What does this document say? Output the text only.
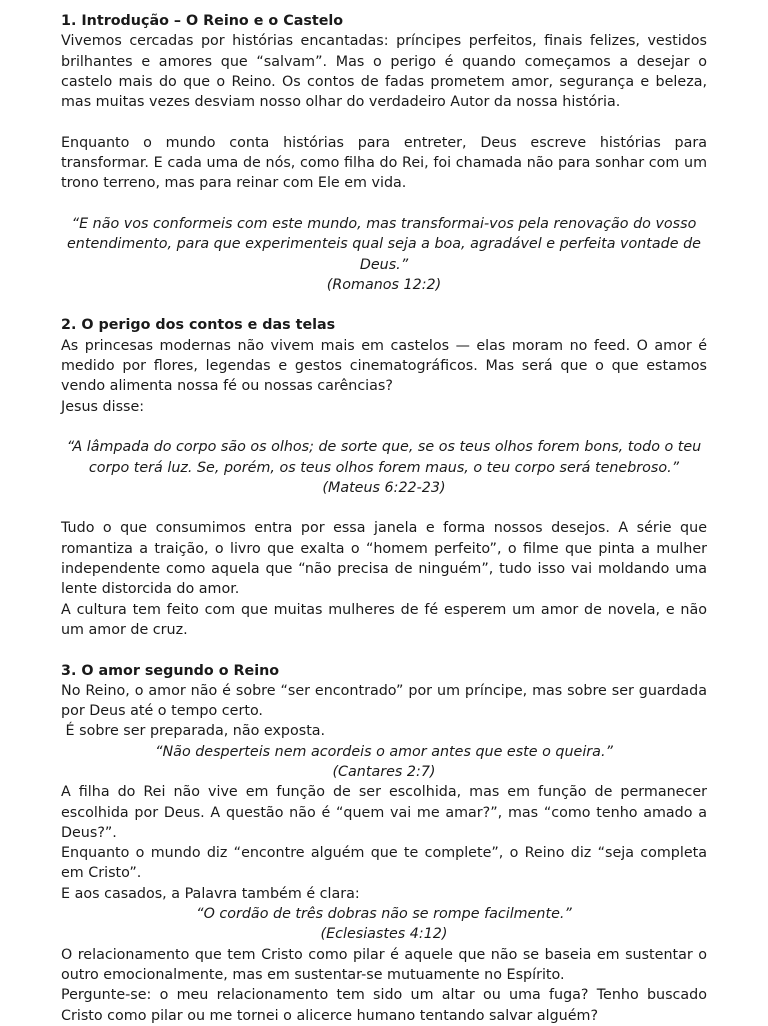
1. Introdução – O Reino e o Castelo

Vivemos cercadas por histórias encantadas: príncipes perfeitos, finais felizes, vestidos brilhantes e amores que “salvam”. Mas o perigo é quando começamos a desejar o castelo mais do que o Reino. Os contos de fadas prometem amor, segurança e beleza, mas muitas vezes desviam nosso olhar do verdadeiro Autor da nossa história.

Enquanto o mundo conta histórias para entreter, Deus escreve histórias para transformar. E cada uma de nós, como filha do Rei, foi chamada não para sonhar com um trono terreno, mas para reinar com Ele em vida.

“E não vos conformeis com este mundo, mas transformai-vos pela renovação do vosso entendimento, para que experimenteis qual seja a boa, agradável e perfeita vontade de Deus.”
(Romanos 12:2)
2. O perigo dos contos e das telas

As princesas modernas não vivem mais em castelos — elas moram no feed. O amor é medido por flores, legendas e gestos cinematográficos. Mas será que o que estamos vendo alimenta nossa fé ou nossas carências?

Jesus disse:

“A lâmpada do corpo são os olhos; de sorte que, se os teus olhos forem bons, todo o teu corpo terá luz. Se, porém, os teus olhos forem maus, o teu corpo será tenebroso.”
(Mateus 6:22-23)

Tudo o que consumimos entra por essa janela e forma nossos desejos. A série que romantiza a traição, o livro que exalta o “homem perfeito”, o filme que pinta a mulher independente como aquela que “não precisa de ninguém”, tudo isso vai moldando uma lente distorcida do amor.

A cultura tem feito com que muitas mulheres de fé esperem um amor de novela, e não um amor de cruz.

3. O amor segundo o Reino

No Reino, o amor não é sobre “ser encontrado” por um príncipe, mas sobre ser guardada por Deus até o tempo certo.

É sobre ser preparada, não exposta.

“Não desperteis nem acordeis o amor antes que este o queira.”
(Cantares 2:7)

A filha do Rei não vive em função de ser escolhida, mas em função de permanecer escolhida por Deus. A questão não é “quem vai me amar?”, mas “como tenho amado a Deus?”.

Enquanto o mundo diz “encontre alguém que te complete”, o Reino diz “seja completa em Cristo”.

E aos casados, a Palavra também é clara:

“O cordão de três dobras não se rompe facilmente.”
(Eclesiastes 4:12)

O relacionamento que tem Cristo como pilar é aquele que não se baseia em sustentar o outro emocionalmente, mas em sustentar-se mutuamente no Espírito.

Pergunte-se: o meu relacionamento tem sido um altar ou uma fuga? Tenho buscado Cristo como pilar ou me tornei o alicerce humano tentando salvar alguém?
